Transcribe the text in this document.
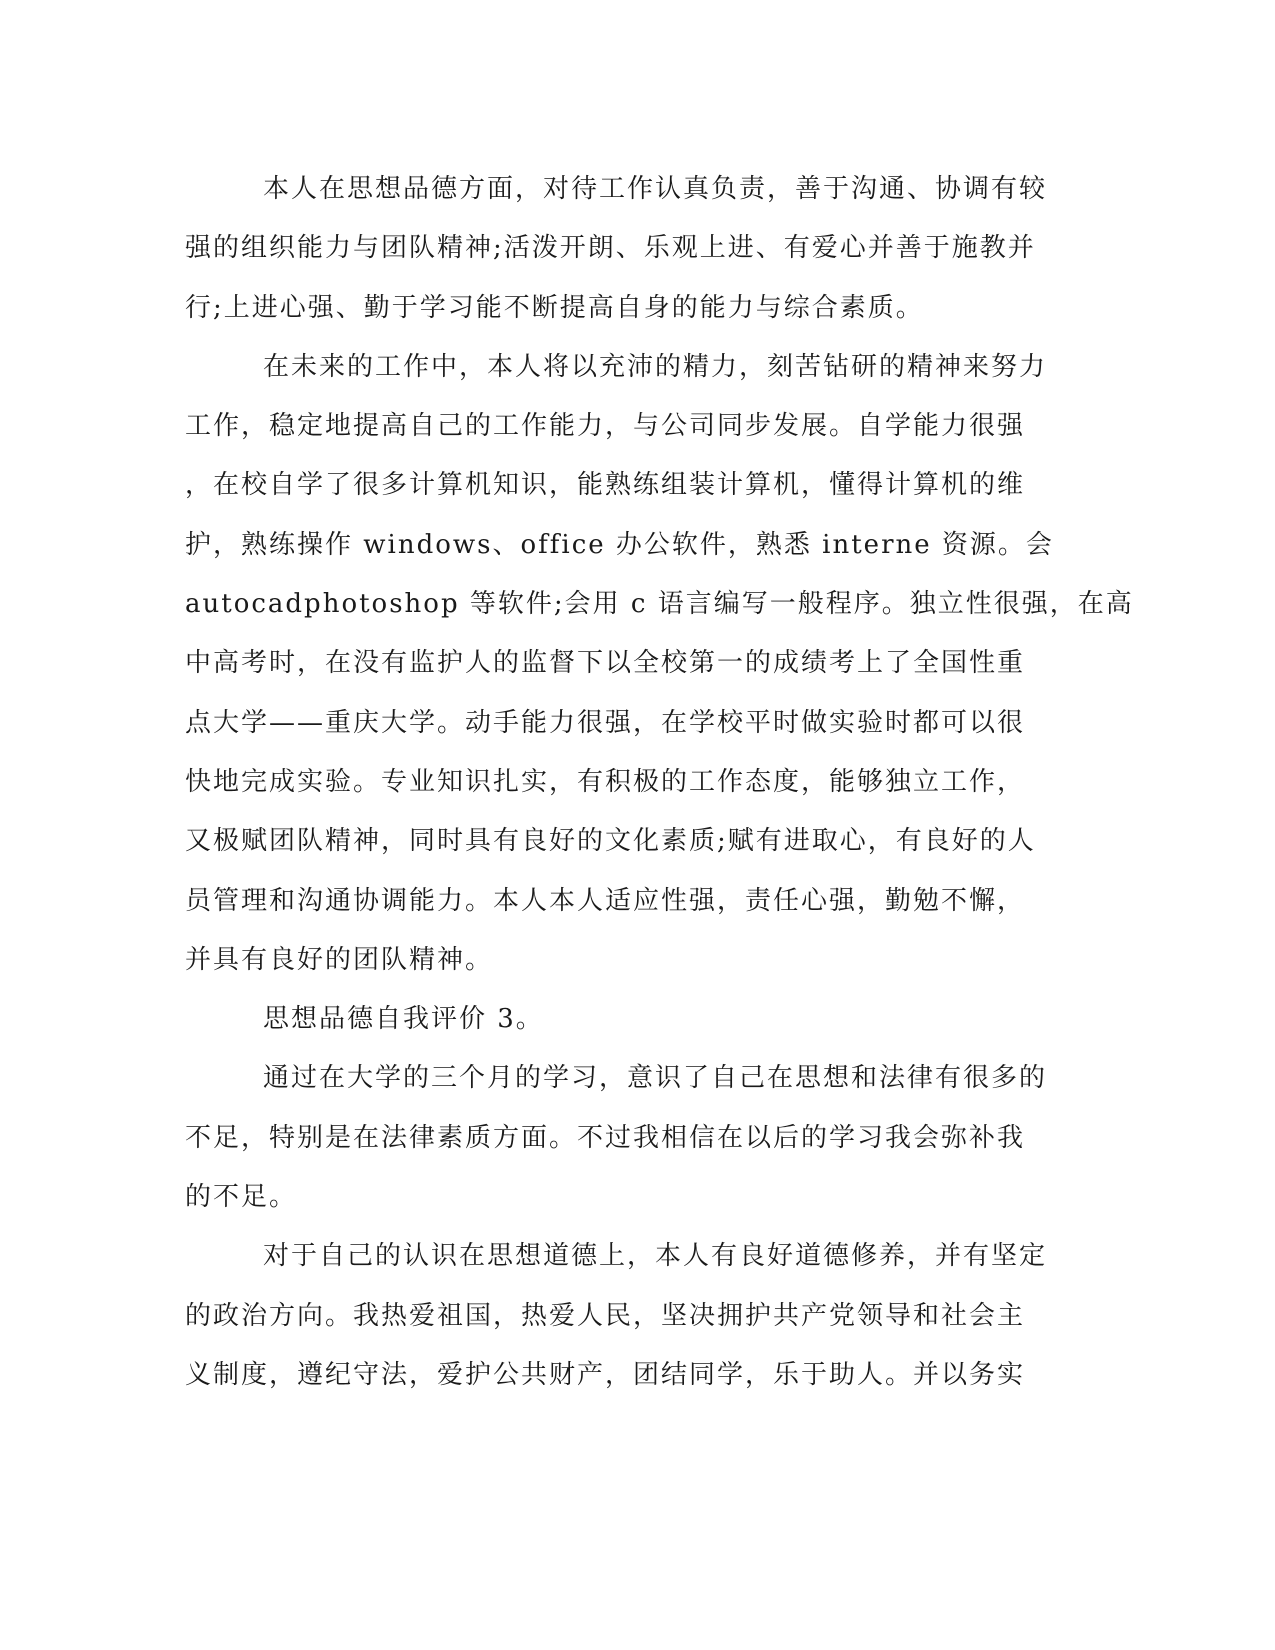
本人在思想品德方面，对待工作认真负责，善于沟通、协调有较
强的组织能力与团队精神;活泼开朗、乐观上进、有爱心并善于施教并
行;上进心强、勤于学习能不断提高自身的能力与综合素质。
在未来的工作中，本人将以充沛的精力，刻苦钻研的精神来努力
工作，稳定地提高自己的工作能力，与公司同步发展。自学能力很强
，在校自学了很多计算机知识，能熟练组装计算机，懂得计算机的维
护，熟练操作 windows、office 办公软件，熟悉 interne 资源。会
autocadphotoshop 等软件;会用 c 语言编写一般程序。独立性很强，在高
中高考时，在没有监护人的监督下以全校第一的成绩考上了全国性重
点大学——重庆大学。动手能力很强，在学校平时做实验时都可以很
快地完成实验。专业知识扎实，有积极的工作态度，能够独立工作，
又极赋团队精神，同时具有良好的文化素质;赋有进取心，有良好的人
员管理和沟通协调能力。本人本人适应性强，责任心强，勤勉不懈，
并具有良好的团队精神。
思想品德自我评价 3。
通过在大学的三个月的学习，意识了自己在思想和法律有很多的
不足，特别是在法律素质方面。不过我相信在以后的学习我会弥补我
的不足。
对于自己的认识在思想道德上，本人有良好道德修养，并有坚定
的政治方向。我热爱祖国，热爱人民，坚决拥护共产党领导和社会主
义制度，遵纪守法，爱护公共财产，团结同学，乐于助人。并以务实
